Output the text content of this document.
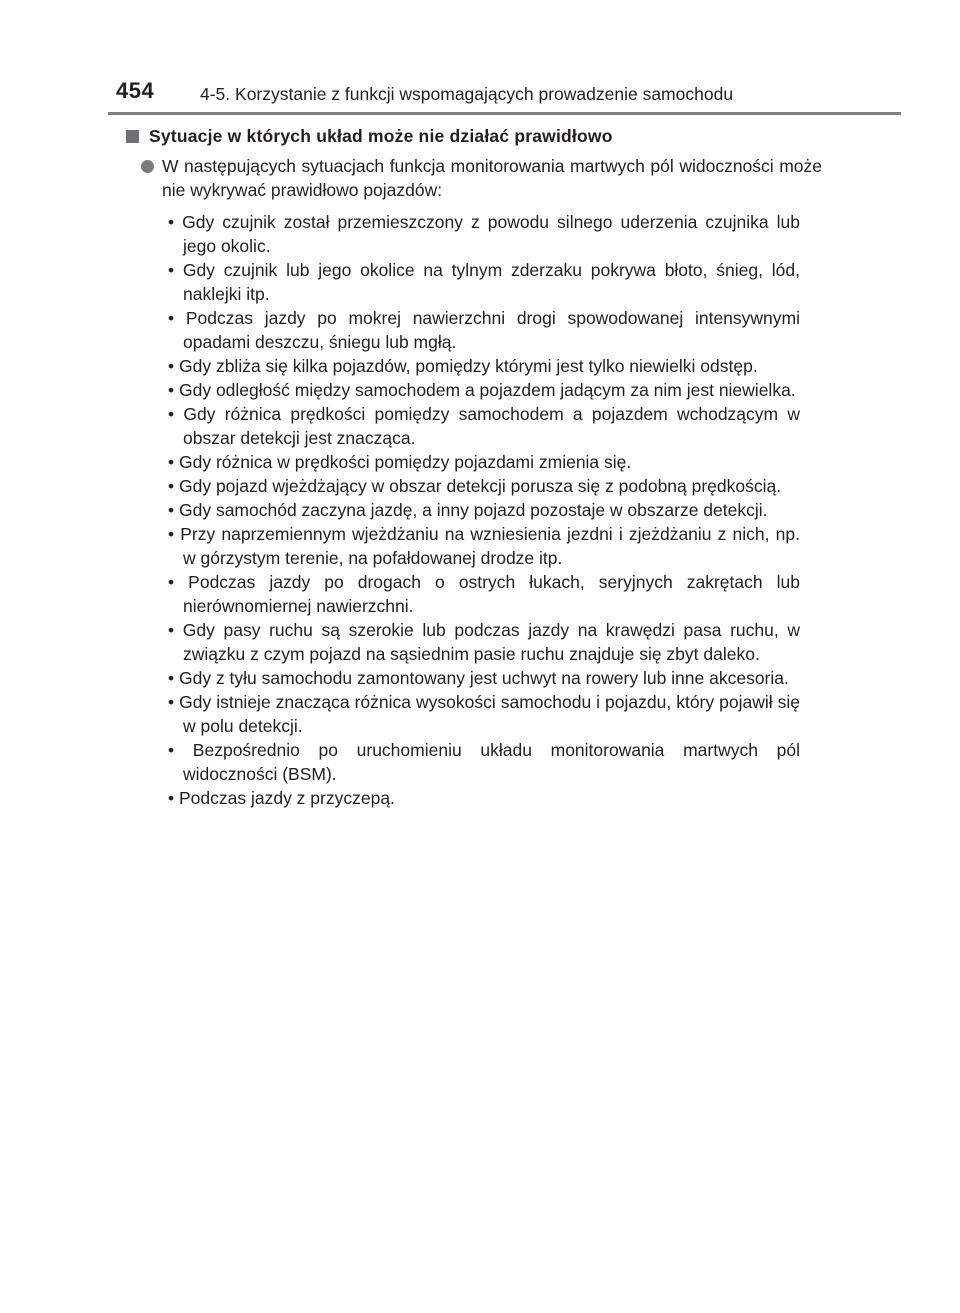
454	4-5. Korzystanie z funkcji wspomagających prowadzenie samochodu
Sytuacje w których układ może nie działać prawidłowo
W następujących sytuacjach funkcja monitorowania martwych pól widoczności może nie wykrywać prawidłowo pojazdów:
• Gdy czujnik został przemieszczony z powodu silnego uderzenia czujnika lub jego okolic.
• Gdy czujnik lub jego okolice na tylnym zderzaku pokrywa błoto, śnieg, lód, naklejki itp.
• Podczas jazdy po mokrej nawierzchni drogi spowodowanej intensywnymi opadami deszczu, śniegu lub mgłą.
• Gdy zbliża się kilka pojazdów, pomiędzy którymi jest tylko niewielki odstęp.
• Gdy odległość między samochodem a pojazdem jadącym za nim jest niewielka.
• Gdy różnica prędkości pomiędzy samochodem a pojazdem wchodzącym w obszar detekcji jest znacząca.
• Gdy różnica w prędkości pomiędzy pojazdami zmienia się.
• Gdy pojazd wjeżdżający w obszar detekcji porusza się z podobną prędkością.
• Gdy samochód zaczyna jazdę, a inny pojazd pozostaje w obszarze detekcji.
• Przy naprzemiennym wjeżdżaniu na wzniesienia jezdni i zjeżdżaniu z nich, np. w górzystym terenie, na pofałdowanej drodze itp.
• Podczas jazdy po drogach o ostrych łukach, seryjnych zakrętach lub nierównomiernej nawierzchni.
• Gdy pasy ruchu są szerokie lub podczas jazdy na krawędzi pasa ruchu, w związku z czym pojazd na sąsiednim pasie ruchu znajduje się zbyt daleko.
• Gdy z tyłu samochodu zamontowany jest uchwyt na rowery lub inne akcesoria.
• Gdy istnieje znacząca różnica wysokości samochodu i pojazdu, który pojawił się w polu detekcji.
• Bezpośrednio po uruchomieniu układu monitorowania martwych pól widoczności (BSM).
• Podczas jazdy z przyczepą.
